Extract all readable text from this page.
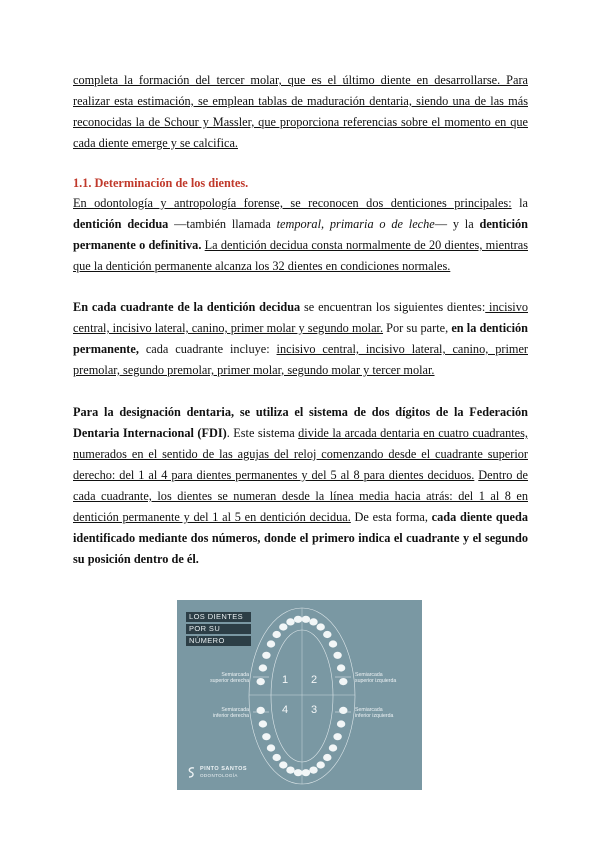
completa la formación del tercer molar, que es el último diente en desarrollarse. Para realizar esta estimación, se emplean tablas de maduración dentaria, siendo una de las más reconocidas la de Schour y Massler, que proporciona referencias sobre el momento en que cada diente emerge y se calcifica.
1.1. Determinación de los dientes.
En odontología y antropología forense, se reconocen dos denticiones principales: la dentición decidua —también llamada temporal, primaria o de leche— y la dentición permanente o definitiva. La dentición decidua consta normalmente de 20 dientes, mientras que la dentición permanente alcanza los 32 dientes en condiciones normales.
En cada cuadrante de la dentición decidua se encuentran los siguientes dientes: incisivo central, incisivo lateral, canino, primer molar y segundo molar. Por su parte, en la dentición permanente, cada cuadrante incluye: incisivo central, incisivo lateral, canino, primer premolar, segundo premolar, primer molar, segundo molar y tercer molar.
Para la designación dentaria, se utiliza el sistema de dos dígitos de la Federación Dentaria Internacional (FDI). Este sistema divide la arcada dentaria en cuatro cuadrantes, numerados en el sentido de las agujas del reloj comenzando desde el cuadrante superior derecho: del 1 al 4 para dientes permanentes y del 5 al 8 para dientes deciduos. Dentro de cada cuadrante, los dientes se numeran desde la línea media hacia atrás: del 1 al 8 en dentición permanente y del 1 al 5 en dentición decidua. De esta forma, cada diente queda identificado mediante dos números, donde el primero indica el cuadrante y el segundo su posición dentro de él.
LOS DIENTES
POR SU
NÚMERO
Semiarcada
superior derecha
Semiarcada
superior izquierda
Semiarcada
inferior derecha
Semiarcada
inferior izquierda
1 2
3
4
PINTO SANTOS
ODONTOLOGÍA
